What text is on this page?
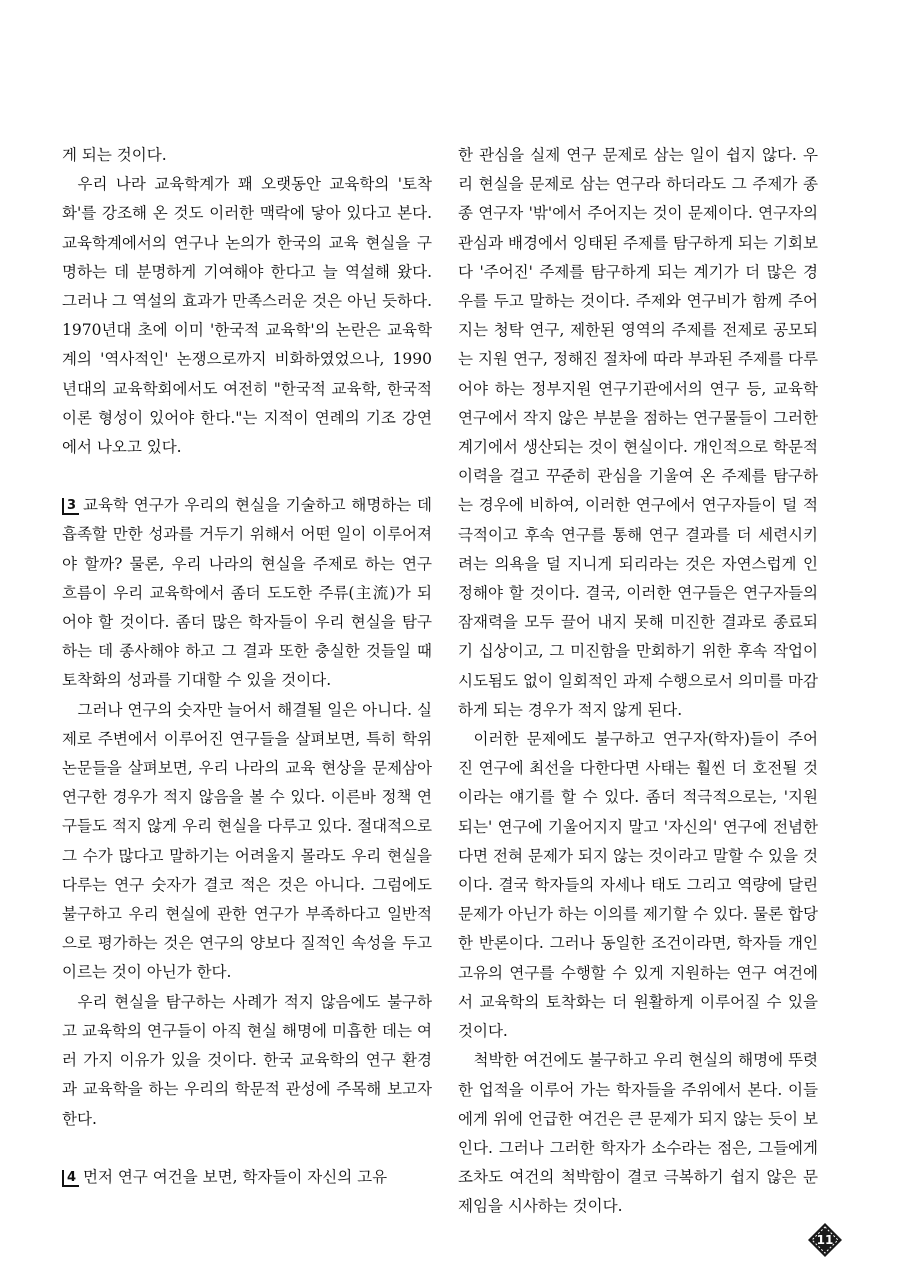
게 되는 것이다.

우리 나라 교육학계가 꽤 오랫동안 교육학의 '토착화'를 강조해 온 것도 이러한 맥락에 닿아 있다고 본다. 교육학계에서의 연구나 논의가 한국의 교육 현실을 구명하는 데 분명하게 기여해야 한다고 늘 역설해 왔다. 그러나 그 역설의 효과가 만족스러운 것은 아닌 듯하다. 1970년대 초에 이미 '한국적 교육학'의 논란은 교육학계의 '역사적인' 논쟁으로까지 비화하였었으나, 1990년대의 교육학회에서도 여전히 "한국적 교육학, 한국적 이론 형성이 있어야 한다."는 지적이 연례의 기조 강연에서 나오고 있다.

3 교육학 연구가 우리의 현실을 기술하고 해명하는 데 흡족할 만한 성과를 거두기 위해서 어떤 일이 이루어져야 할까? 물론, 우리 나라의 현실을 주제로 하는 연구 흐름이 우리 교육학에서 좀더 도도한 주류(主流)가 되어야 할 것이다. 좀더 많은 학자들이 우리 현실을 탐구하는 데 종사해야 하고 그 결과 또한 충실한 것들일 때 토착화의 성과를 기대할 수 있을 것이다.

그러나 연구의 숫자만 늘어서 해결될 일은 아니다. 실제로 주변에서 이루어진 연구들을 살펴보면, 특히 학위 논문들을 살펴보면, 우리 나라의 교육 현상을 문제삼아 연구한 경우가 적지 않음을 볼 수 있다. 이른바 정책 연구들도 적지 않게 우리 현실을 다루고 있다. 절대적으로 그 수가 많다고 말하기는 어려울지 몰라도 우리 현실을 다루는 연구 숫자가 결코 적은 것은 아니다. 그럼에도 불구하고 우리 현실에 관한 연구가 부족하다고 일반적으로 평가하는 것은 연구의 양보다 질적인 속성을 두고 이르는 것이 아닌가 한다.

우리 현실을 탐구하는 사례가 적지 않음에도 불구하고 교육학의 연구들이 아직 현실 해명에 미흡한 데는 여러 가지 이유가 있을 것이다. 한국 교육학의 연구 환경과 교육학을 하는 우리의 학문적 관성에 주목해 보고자 한다.

4 먼저 연구 여건을 보면, 학자들이 자신의 고유

한 관심을 실제 연구 문제로 삼는 일이 쉽지 않다. 우리 현실을 문제로 삼는 연구라 하더라도 그 주제가 종종 연구자 '밖'에서 주어지는 것이 문제이다. 연구자의 관심과 배경에서 잉태된 주제를 탐구하게 되는 기회보다 '주어진' 주제를 탐구하게 되는 계기가 더 많은 경우를 두고 말하는 것이다. 주제와 연구비가 함께 주어지는 청탁 연구, 제한된 영역의 주제를 전제로 공모되는 지원 연구, 정해진 절차에 따라 부과된 주제를 다루어야 하는 정부지원 연구기관에서의 연구 등, 교육학 연구에서 작지 않은 부분을 점하는 연구물들이 그러한 계기에서 생산되는 것이 현실이다. 개인적으로 학문적 이력을 걸고 꾸준히 관심을 기울여 온 주제를 탐구하는 경우에 비하여, 이러한 연구에서 연구자들이 덜 적극적이고 후속 연구를 통해 연구 결과를 더 세련시키려는 의욕을 덜 지니게 되리라는 것은 자연스럽게 인정해야 할 것이다. 결국, 이러한 연구들은 연구자들의 잠재력을 모두 끌어 내지 못해 미진한 결과로 종료되기 십상이고, 그 미진함을 만회하기 위한 후속 작업이 시도됨도 없이 일회적인 과제 수행으로서 의미를 마감하게 되는 경우가 적지 않게 된다.

이러한 문제에도 불구하고 연구자(학자)들이 주어진 연구에 최선을 다한다면 사태는 훨씬 더 호전될 것이라는 얘기를 할 수 있다. 좀더 적극적으로는, '지원되는' 연구에 기울어지지 말고 '자신의' 연구에 전념한다면 전혀 문제가 되지 않는 것이라고 말할 수 있을 것이다. 결국 학자들의 자세나 태도 그리고 역량에 달린 문제가 아닌가 하는 이의를 제기할 수 있다. 물론 합당한 반론이다. 그러나 동일한 조건이라면, 학자들 개인 고유의 연구를 수행할 수 있게 지원하는 연구 여건에서 교육학의 토착화는 더 원활하게 이루어질 수 있을 것이다.

척박한 여건에도 불구하고 우리 현실의 해명에 뚜렷한 업적을 이루어 가는 학자들을 주위에서 본다. 이들에게 위에 언급한 여건은 큰 문제가 되지 않는 듯이 보인다. 그러나 그러한 학자가 소수라는 점은, 그들에게조차도 여건의 척박함이 결코 극복하기 쉽지 않은 문제임을 시사하는 것이다.

11
